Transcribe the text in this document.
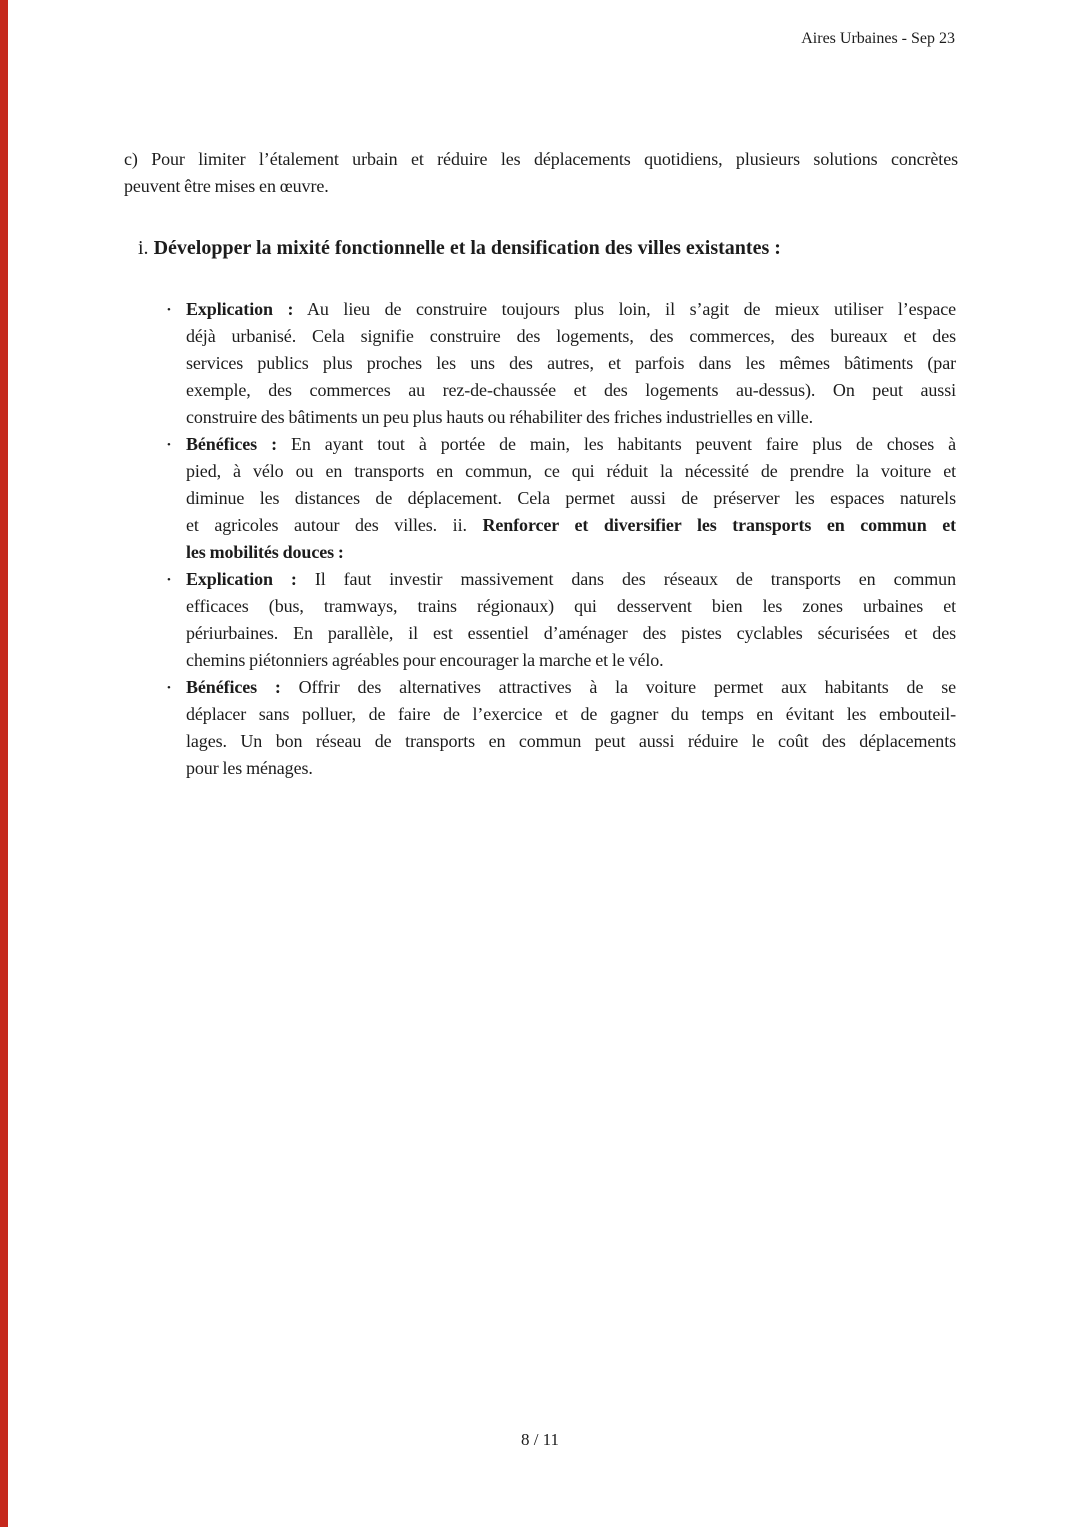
Aires Urbaines - Sep 23
c) Pour limiter l’étalement urbain et réduire les déplacements quotidiens, plusieurs solutions concrètes
peuvent être mises en œuvre.
i. Développer la mixité fonctionnelle et la densification des villes existantes :
• Explication : Au lieu de construire toujours plus loin, il s’agit de mieux utiliser l’espace
déjà urbanisé. Cela signifie construire des logements, des commerces, des bureaux et des
services publics plus proches les uns des autres, et parfois dans les mêmes bâtiments (par
exemple, des commerces au rez-de-chaussée et des logements au-dessus). On peut aussi
construire des bâtiments un peu plus hauts ou réhabiliter des friches industrielles en ville.
• Bénéfices : En ayant tout à portée de main, les habitants peuvent faire plus de choses à
pied, à vélo ou en transports en commun, ce qui réduit la nécessité de prendre la voiture et
diminue les distances de déplacement. Cela permet aussi de préserver les espaces naturels
et agricoles autour des villes. ii. Renforcer et diversifier les transports en commun et
les mobilités douces :
• Explication : Il faut investir massivement dans des réseaux de transports en commun
efficaces (bus, tramways, trains régionaux) qui desservent bien les zones urbaines et
périurbaines. En parallèle, il est essentiel d’aménager des pistes cyclables sécurisées et des
chemins piétonniers agréables pour encourager la marche et le vélo.
• Bénéfices : Offrir des alternatives attractives à la voiture permet aux habitants de se
déplacer sans polluer, de faire de l’exercice et de gagner du temps en évitant les embouteil-
lages. Un bon réseau de transports en commun peut aussi réduire le coût des déplacements
pour les ménages.
8 / 11
